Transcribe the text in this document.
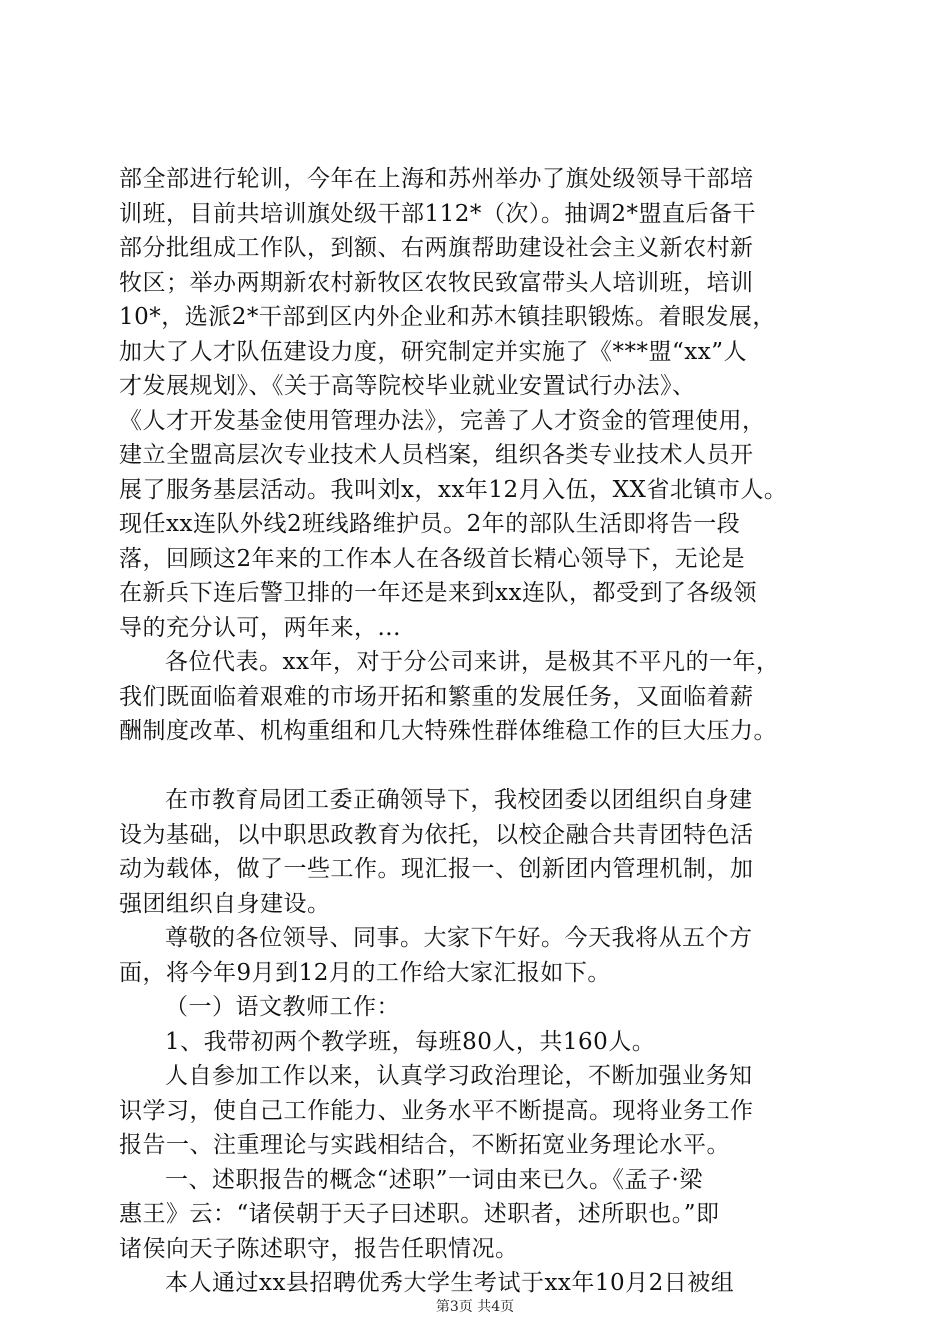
部全部进行轮训，今年在上海和苏州举办了旗处级领导干部培
训班，目前共培训旗处级干部112*（次）。抽调2*盟直后备干
部分批组成工作队，到额、右两旗帮助建设社会主义新农村新
牧区；举办两期新农村新牧区农牧民致富带头人培训班，培训
10*，选派2*干部到区内外企业和苏木镇挂职锻炼。着眼发展，
加大了人才队伍建设力度，研究制定并实施了《***盟“xx”人
才发展规划》、《关于高等院校毕业就业安置试行办法》、
《人才开发基金使用管理办法》，完善了人才资金的管理使用，
建立全盟高层次专业技术人员档案，组织各类专业技术人员开
展了服务基层活动。我叫刘x，xx年12月入伍，XX省北镇市人。
现任xx连队外线2班线路维护员。2年的部队生活即将告一段
落，回顾这2年来的工作本人在各级首长精心领导下，无论是
在新兵下连后警卫排的一年还是来到xx连队，都受到了各级领
导的充分认可，两年来，...
各位代表。xx年，对于分公司来讲，是极其不平凡的一年，
我们既面临着艰难的市场开拓和繁重的发展任务，又面临着薪
酬制度改革、机构重组和几大特殊性群体维稳工作的巨大压力。
在市教育局团工委正确领导下，我校团委以团组织自身建
设为基础，以中职思政教育为依托，以校企融合共青团特色活
动为载体，做了一些工作。现汇报一、创新团内管理机制，加
强团组织自身建设。
尊敬的各位领导、同事。大家下午好。今天我将从五个方
面，将今年9月到12月的工作给大家汇报如下。
（一）语文教师工作：
1、我带初两个教学班，每班80人，共160人。
人自参加工作以来，认真学习政治理论，不断加强业务知
识学习，使自己工作能力、业务水平不断提高。现将业务工作
报告一、注重理论与实践相结合，不断拓宽业务理论水平。
一、述职报告的概念“述职”一词由来已久。《孟子·梁
惠王》云：“诸侯朝于天子曰述职。述职者，述所职也。”即
诸侯向天子陈述职守，报告任职情况。
本人通过xx县招聘优秀大学生考试于xx年10月2日被组
第3页 共4页
